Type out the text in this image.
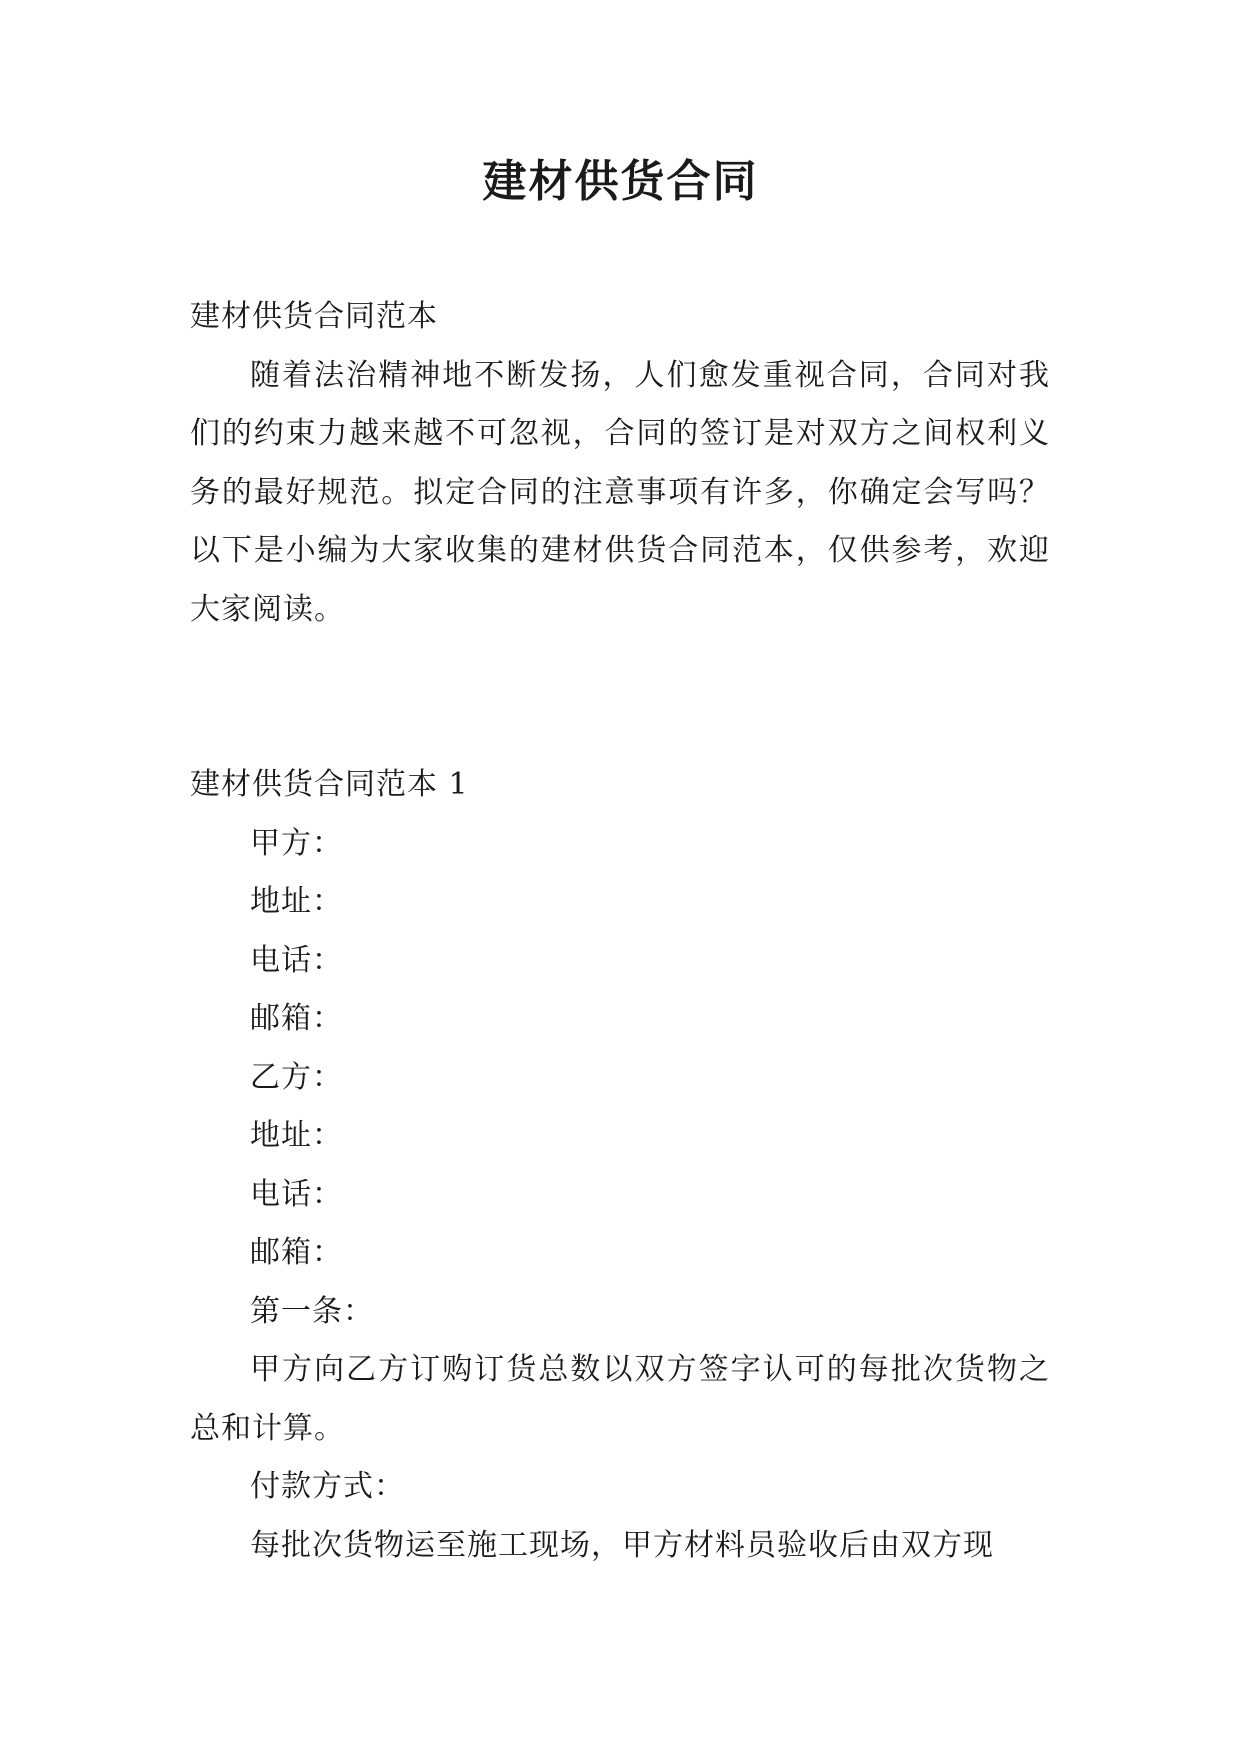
建材供货合同

建材供货合同范本

随着法治精神地不断发扬，人们愈发重视合同，合同对我们的约束力越来越不可忽视，合同的签订是对双方之间权利义务的最好规范。拟定合同的注意事项有许多，你确定会写吗？以下是小编为大家收集的建材供货合同范本，仅供参考，欢迎大家阅读。

建材供货合同范本 1

甲方：

地址：

电话：

邮箱：

乙方：

地址：

电话：

邮箱：

第一条：

甲方向乙方订购订货总数以双方签字认可的每批次货物之总和计算。

付款方式：

每批次货物运至施工现场，甲方材料员验收后由双方现
